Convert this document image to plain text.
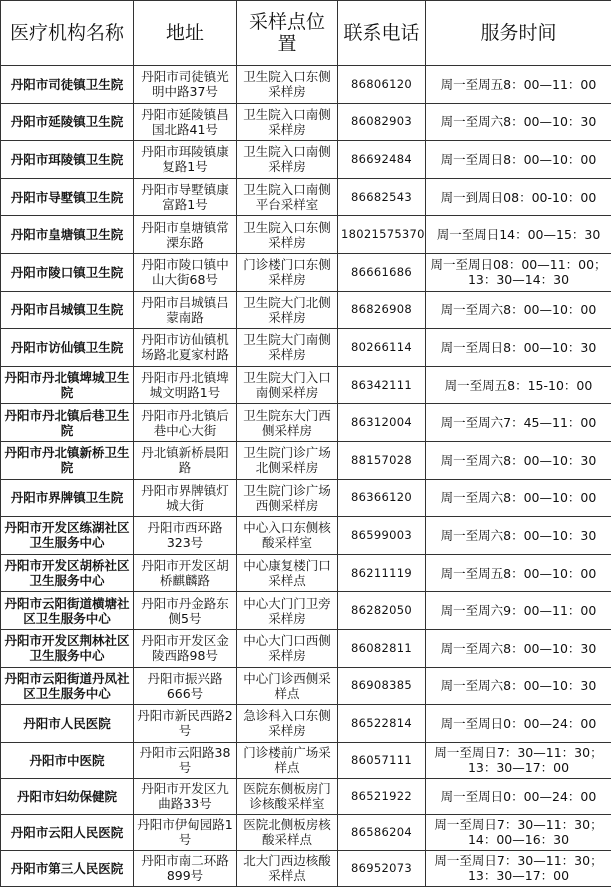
医疗机构名称	地址	采样点位置	联系电话	服务时间
丹阳市司徒镇卫生院	丹阳市司徒镇光明中路37号	卫生院入口东侧采样房	86806120	周一至周五8：00—11：00
丹阳市延陵镇卫生院	丹阳市延陵镇昌国北路41号	卫生院入口南侧采样房	86082903	周一至周六8：00—10：30
丹阳市珥陵镇卫生院	丹阳市珥陵镇康复路1号	卫生院入口南侧采样房	86692484	周一至周日8：00—10：00
丹阳市导墅镇卫生院	丹阳市导墅镇康富路1号	卫生院入口南侧平台采样室	86682543	周一到周日08：00-10：00
丹阳市皇塘镇卫生院	丹阳市皇塘镇常溧东路	卫生院入口东侧采样房	18021575370	周一至周日14：00—15：30
丹阳市陵口镇卫生院	丹阳市陵口镇中山大街68号	门诊楼门口东侧采样房	86661686	周一至周日08：00—11：00；13：30—14：30
丹阳市吕城镇卫生院	丹阳市吕城镇吕蒙南路	卫生院大门北侧采样房	86826908	周一至周六8：00—10：00
丹阳市访仙镇卫生院	丹阳市访仙镇机场路北夏家村路	卫生院大门南侧采样房	80266114	周一至周日8：00—10：30
丹阳市丹北镇埤城卫生院	丹阳市丹北镇埤城文明路1号	卫生院大门入口南侧采样房	86342111	周一至周五8：15-10：00
丹阳市丹北镇后巷卫生院	丹阳市丹北镇后巷中心大街	卫生院东大门西侧采样房	86312004	周一至周六7：45—11：00
丹阳市丹北镇新桥卫生院	丹北镇新桥晨阳路	卫生院门诊广场北侧采样房	88157028	周一至周六8：00—10：30
丹阳市界牌镇卫生院	丹阳市界牌镇灯城大街	卫生院门诊广场西侧采样房	86366120	周一至周六8：00—10：00
丹阳市开发区练湖社区卫生服务中心	丹阳市西环路323号	中心入口东侧核酸采样室	86599003	周一至周六8：00—10：30
丹阳市开发区胡桥社区卫生服务中心	丹阳市开发区胡桥麒麟路	中心康复楼门口采样点	86211119	周一至周五8：00—10：00
丹阳市云阳街道横塘社区卫生服务中心	丹阳市丹金路东侧5号	中心大门门卫旁采样房	86282050	周一至周六9：00—11：00
丹阳市开发区荆林社区卫生服务中心	丹阳市开发区金陵西路98号	中心大门口西侧采样房	86082811	周一至周六8：00—10：30
丹阳市云阳街道丹凤社区卫生服务中心	丹阳市振兴路666号	中心门诊西侧采样点	86908385	周一至周六8：00—10：30
丹阳市人民医院	丹阳市新民西路2号	急诊科入口东侧采样房	86522814	周一至周日0：00—24：00
丹阳市中医院	丹阳市云阳路38号	门诊楼前广场采样点	86057111	周一至周日7：30—11：30；13：30—17：00
丹阳市妇幼保健院	丹阳市开发区九曲路33号	医院东侧板房门诊核酸采样室	86521922	周一至周日0：00—24：00
丹阳市云阳人民医院	丹阳市伊甸园路1号	医院北侧板房核酸采样点	86586204	周一至周日7：30—11：30；14：00—16：30
丹阳市第三人民医院	丹阳市南二环路899号	北大门西边核酸采样点	86952073	周一至周日7：30—11：30；13：30—17：00
